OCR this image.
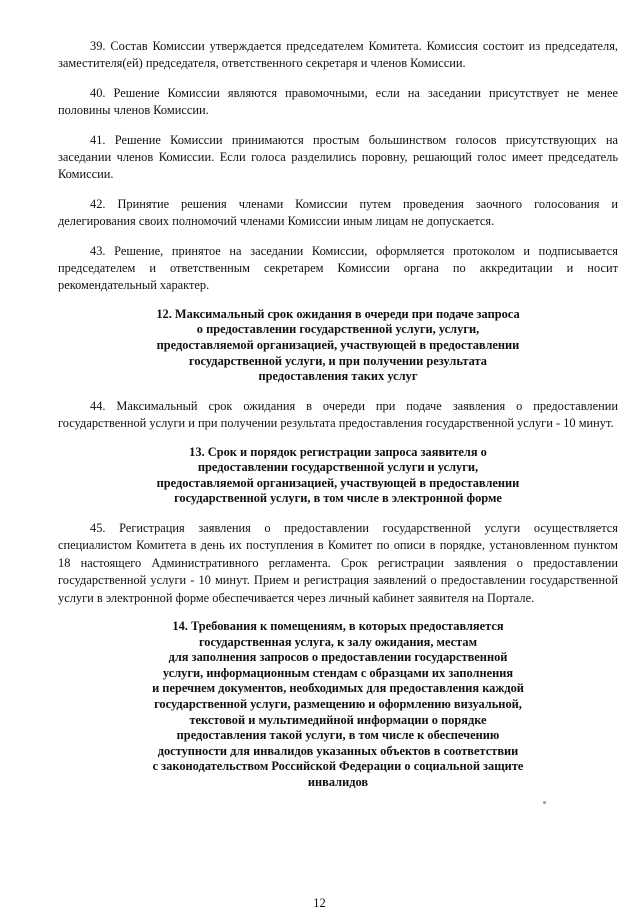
39. Состав Комиссии утверждается председателем Комитета. Комиссия состоит из председателя, заместителя(ей) председателя, ответственного секретаря и членов Комиссии.

40. Решение Комиссии являются правомочными, если на заседании присутствует не менее половины членов Комиссии.

41. Решение Комиссии принимаются простым большинством голосов присутствующих на заседании членов Комиссии. Если голоса разделились поровну, решающий голос имеет председатель Комиссии.

42. Принятие решения членами Комиссии путем проведения заочного голосования и делегирования своих полномочий членами Комиссии иным лицам не допускается.

43. Решение, принятое на заседании Комиссии, оформляется протоколом и подписывается председателем и ответственным секретарем Комиссии органа по аккредитации и носит рекомендательный характер.

12. Максимальный срок ожидания в очереди при подаче запроса
о предоставлении государственной услуги, услуги,
предоставляемой организацией, участвующей в предоставлении
государственной услуги, и при получении результата
предоставления таких услуг

44. Максимальный срок ожидания в очереди при подаче заявления о предоставлении государственной услуги и при получении результата предоставления государственной услуги - 10 минут.

13. Срок и порядок регистрации запроса заявителя о
предоставлении государственной услуги и услуги,
предоставляемой организацией, участвующей в предоставлении
государственной услуги, в том числе в электронной форме

45. Регистрация заявления о предоставлении государственной услуги осуществляется специалистом Комитета в день их поступления в Комитет по описи в порядке, установленном пунктом 18 настоящего Административного регламента. Срок регистрации заявления о предоставлении государственной услуги - 10 минут. Прием и регистрация заявлений о предоставлении государственной услуги в электронной форме обеспечивается через личный кабинет заявителя на Портале.

14. Требования к помещениям, в которых предоставляется
государственная услуга, к залу ожидания, местам
для заполнения запросов о предоставлении государственной
услуги, информационным стендам с образцами их заполнения
и перечнем документов, необходимых для предоставления каждой
государственной услуги, размещению и оформлению визуальной,
текстовой и мультимедийной информации о порядке
предоставления такой услуги, в том числе к обеспечению
доступности для инвалидов указанных объектов в соответствии
с законодательством Российской Федерации о социальной защите
инвалидов
12
